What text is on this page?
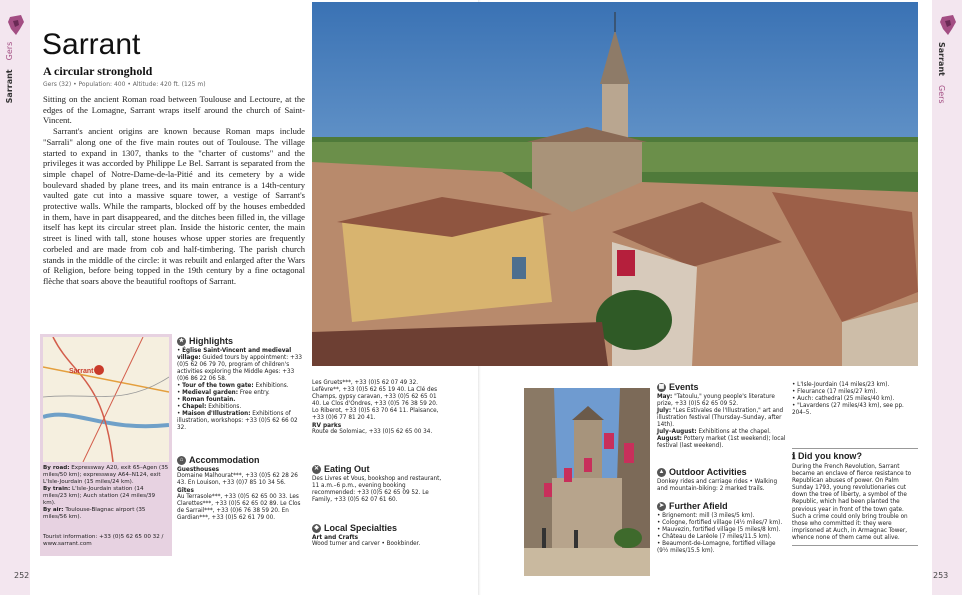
Sarrant Gers Sarrant
A circular stronghold
Gers (32) • Population: 400 • Altitude: 420 ft. (125 m)

Sitting on the ancient Roman road between Toulouse and Lectoure, at the edges of the Lomagne, Sarrant wraps itself around the church of Saint-Vincent.

Sarrant's ancient origins are known because Roman maps include "Sarrali" along one of the five main routes out of Toulouse. The village started to expand in 1307, thanks to the "charter of customs" and the privileges it was accorded by Philippe Le Bel. Sarrant is separated from the simple chapel of Notre-Dame-de-la-Pitié and its cemetery by a wide boulevard shaded by plane trees, and its main entrance is a 14th-century vaulted gate cut into a massive square tower, a vestige of Sarrant's protective walls. While the ramparts, blocked off by the houses embedded in them, have in part disappeared, and the ditches been filled in, the village itself has kept its circular street plan. Inside the historic center, the main street is lined with tall, stone houses whose upper stories are frequently corbeled and are made from cob and half-timbering. The parish church stands in the middle of the circle: it was rebuilt and enlarged after the Wars of Religion, before being topped in the 19th century by a fine octagonal flèche that soars above the beautiful rooftops of Sarrant.

Sarrant
By road: Expressway A20, exit 65–Agen (35 miles/50 km); expressway A64–N124, exit L'Isle-Jourdain (15 miles/24 km).
By train: L'Isle-Jourdain station (14 miles/23 km); Auch station (24 miles/39 km).
By air: Toulouse-Blagnac airport (35 miles/56 km).
Tourist information: +33 (0)5 62 65 00 32 / www.sarrant.com
★ Highlights
• Église Saint-Vincent and medieval village: Guided tours by appointment: +33 (0)5 62 06 79 70, program of children's activities exploring the Middle Ages: +33 (0)6 86 22 06 58.
• Tour of the town gate: Exhibitions.
• Medieval garden: Free entry.
• Roman fountain.
• Chapel: Exhibitions.
• Maison d'Illustration: Exhibitions of illustration, workshops: +33 (0)5 62 66 02 32.
⌂ Accommodation
Guesthouses
Domaine Malhourat***, +33 (0)5 62 28 26 43. En Louison, +33 (0)7 85 10 34 56.
Gîtes
Au Terrasole***, +33 (0)5 62 65 00 33. Les Clarettes***, +33 (0)5 62 65 02 89. Le Clos de Sarrail***, +33 (0)6 76 38 59 20. En Gardian***, +33 (0)5 62 61 79 00.
252
Sarrant Gers
253
Les Gruets***, +33 (0)5 62 07 49 32. Lefèvre**, +33 (0)5 62 65 19 40. La Clé des Champs, gypsy caravan, +33 (0)5 62 65 01 40. Le Clos d'Ondres, +33 (0)5 76 38 59 20. Lo Riberot, +33 (0)5 63 70 64 11. Plaisance, +33 (0)6 77 81 20 41.
RV parks
Route de Solomiac, +33 (0)5 62 65 00 34.
✕ Eating Out
Des Livres et Vous, bookshop and restaurant, 11 a.m.–6 p.m., evening booking recommended: +33 (0)5 62 65 09 52. Le Family, +33 (0)5 62 07 61 60.
◆ Local Specialties
Art and Crafts
Wood turner and carver • Bookbinder.
▦ Events
May: "Tatoulu," young people's literature prize, +33 (0)5 62 65 09 52.
July: "Les Estivales de l'Illustration," art and illustration festival (Thursday–Sunday, after 14th).
July–August: Exhibitions at the chapel.
August: Pottery market (1st weekend); local festival (last weekend).
▲ Outdoor Activities
Donkey rides and carriage rides • Walking and mountain-biking: 2 marked trails.
➤ Further Afield
• Brignemont: mill (3 miles/5 km).
• Cologne, fortified village (4½ miles/7 km).
• Mauvezin, fortified village (5 miles/8 km).
• Château de Laréole (7 miles/11.5 km).
• Beaumont-de-Lomagne, fortified village (9½ miles/15.5 km).
• L'Isle-Jourdain (14 miles/23 km).
• Fleurance (17 miles/27 km).
• Auch: cathedral (25 miles/40 km).
• "Lavardens (27 miles/43 km), see pp. 204–5.
ℹ Did you know?

During the French Revolution, Sarrant became an enclave of fierce resistance to Republican abuses of power. On Palm Sunday 1793, young revolutionaries cut down the tree of liberty, a symbol of the Republic, which had been planted the previous year in front of the town gate. Such a crime could only bring trouble on those who committed it: they were imprisoned at Auch, in Armagnac Tower, whence none of them came out alive.
